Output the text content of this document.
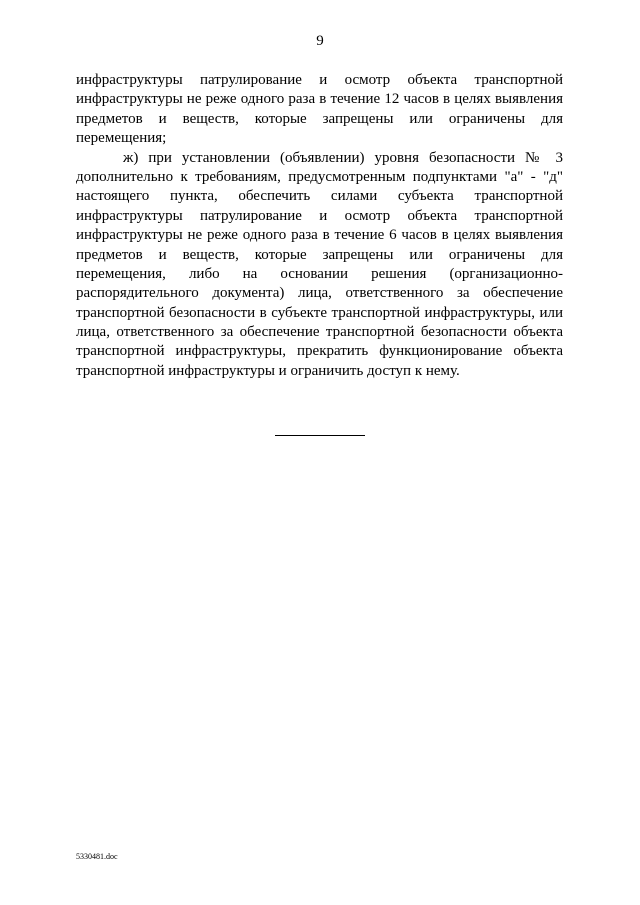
9
инфраструктуры патрулирование и осмотр объекта транспортной
инфраструктуры не реже одного раза в течение 12 часов в целях выявления
предметов и веществ, которые запрещены или ограничены для
перемещения;
ж) при установлении (объявлении) уровня безопасности № 3
дополнительно к требованиям, предусмотренным подпунктами "а" - "д"
настоящего пункта, обеспечить силами субъекта транспортной
инфраструктуры патрулирование и осмотр объекта транспортной
инфраструктуры не реже одного раза в течение 6 часов в целях выявления
предметов и веществ, которые запрещены или ограничены для
перемещения, либо на основании решения (организационно-
распорядительного документа) лица, ответственного за обеспечение
транспортной безопасности в субъекте транспортной инфраструктуры, или
лица, ответственного за обеспечение транспортной безопасности объекта
транспортной инфраструктуры, прекратить функционирование объекта
транспортной инфраструктуры и ограничить доступ к нему.
5330481.doc
